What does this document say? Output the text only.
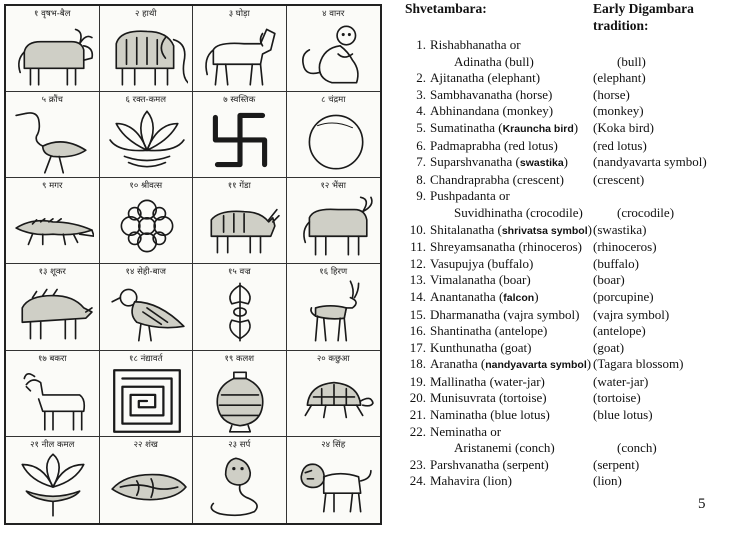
१ वृषभ-बैल	२ हाथी	३ घोड़ा	४ वानर
५ क्रौंच	६ रक्त-कमल	७ स्वस्तिक	८ चंद्रमा
९ मगर	१० श्रीवत्स	११ गेंडा	१२ भैंसा
१३ शूकर	१४ सेही-बाज	१५ वज्र	१६ हिरण
१७ बकरा	१८ नंद्यावर्त	१९ कलश	२० कछुआ
२१ नील कमल	२२ शंख	२३ सर्प	२४ सिंह
Shvetambara:	Early Digambara tradition:
1. Rishabhanatha or
Adinatha (bull)	(bull)
2. Ajitanatha (elephant)	(elephant)
3. Sambhavanatha (horse)	(horse)
4. Abhinandana (monkey)	(monkey)
5. Sumatinatha (Kraunchа bird)	(Koka bird)
6. Padmaprabha (red lotus)	(red lotus)
7. Suparshvanatha (swastika)	(nandyavarta symbol)
8. Chandraprabha (crescent)	(crescent)
9. Pushpadanta or
Suvidhinatha (crocodile)	(crocodile)
10. Shitalanatha (shrivatsa symbol) (swastika)
11. Shreyamsanatha (rhinoceros) (rhinoceros)
12. Vasupujya (buffalo)	(buffalo)
13. Vimalanatha (boar)	(boar)
14. Anantanatha (falcon)	(porcupine)
15. Dharmanatha (vajra symbol)	(vajra symbol)
16. Shantinatha (antelope)	(antelope)
17. Kunthunatha (goat)	(goat)
18. Aranatha (nandyavarta symbol) (Tagara blossom)
19. Mallinatha (water-jar)	(water-jar)
20. Munisuvrata (tortoise)	(tortoise)
21. Naminatha (blue lotus)	(blue lotus)
22. Neminatha or
Aristanemi (conch)	(conch)
23. Parshvanatha (serpent)	(serpent)
24. Mahavira (lion)	(lion)
5
